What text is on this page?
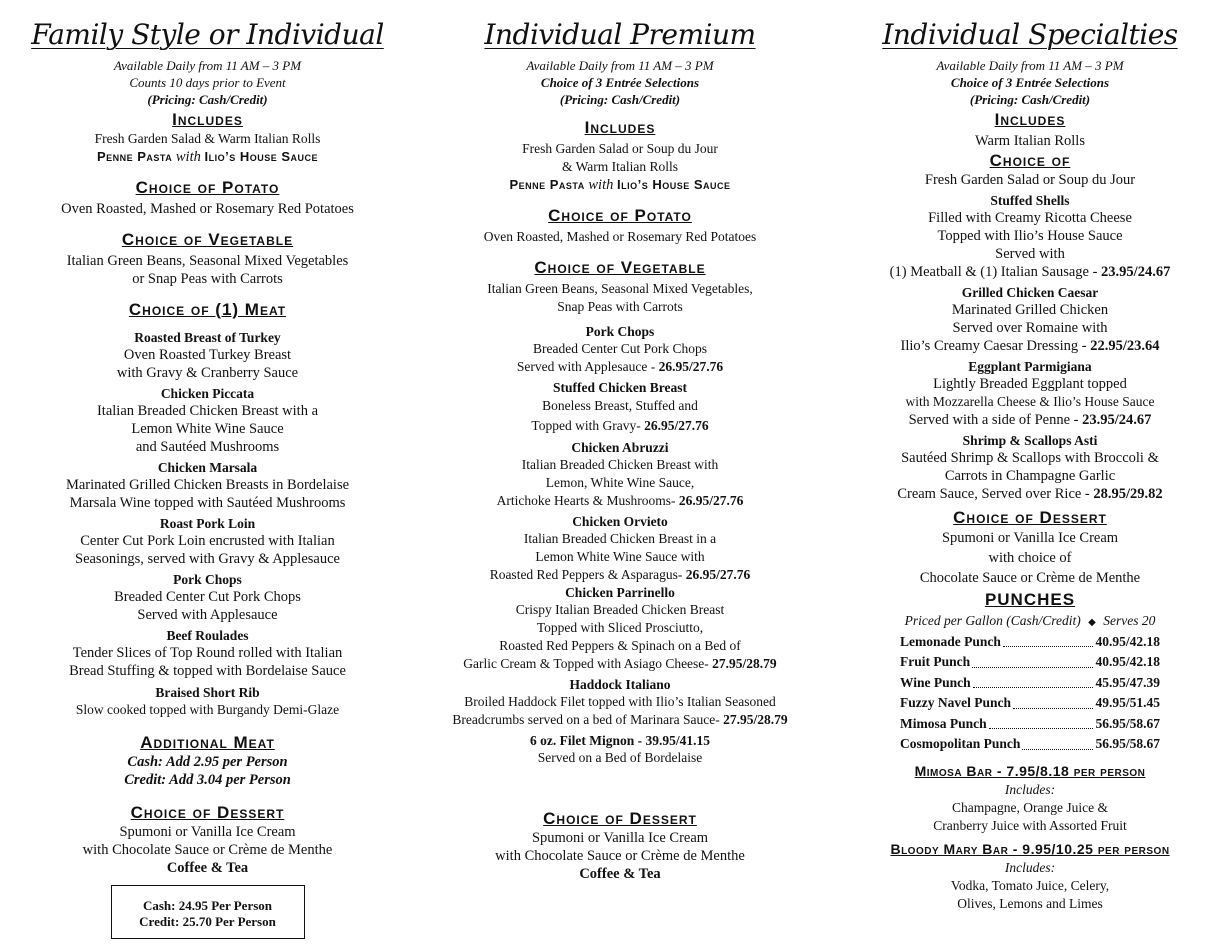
Family Style or Individual
Available Daily from 11 AM – 3 PM
Counts 10 days prior to Event
(Pricing: Cash/Credit)
Includes
Fresh Garden Salad & Warm Italian Rolls
Penne Pasta with Ilio’s House Sauce
Choice of Potato
Oven Roasted, Mashed or Rosemary Red Potatoes
Choice of Vegetable
Italian Green Beans, Seasonal Mixed Vegetables
or Snap Peas with Carrots
Choice of (1) Meat
Roasted Breast of Turkey
Oven Roasted Turkey Breast
with Gravy & Cranberry Sauce
Chicken Piccata
Italian Breaded Chicken Breast with a
Lemon White Wine Sauce
and Sautéed Mushrooms
Chicken Marsala
Marinated Grilled Chicken Breasts in Bordelaise
Marsala Wine topped with Sautéed Mushrooms
Roast Pork Loin
Center Cut Pork Loin encrusted with Italian
Seasonings, served with Gravy & Applesauce
Pork Chops
Breaded Center Cut Pork Chops
Served with Applesauce
Beef Roulades
Tender Slices of Top Round rolled with Italian
Bread Stuffing & topped with Bordelaise Sauce
Braised Short Rib
Slow cooked topped with Burgandy Demi-Glaze
Additional Meat
Cash: Add 2.95 per Person
Credit: Add 3.04 per Person
Choice of Dessert
Spumoni or Vanilla Ice Cream
with Chocolate Sauce or Crème de Menthe
Coffee & Tea
Cash: 24.95 Per Person
Credit: 25.70 Per Person
Individual Premium
Available Daily from 11 AM – 3 PM
Choice of 3 Entrée Selections
(Pricing: Cash/Credit)
Includes
Fresh Garden Salad or Soup du Jour
& Warm Italian Rolls
Penne Pasta with Ilio’s House Sauce
Choice of Potato
Oven Roasted, Mashed or Rosemary Red Potatoes
Choice of Vegetable
Italian Green Beans, Seasonal Mixed Vegetables,
Snap Peas with Carrots
Pork Chops
Breaded Center Cut Pork Chops
Served with Applesauce - 26.95/27.76
Stuffed Chicken Breast
Boneless Breast, Stuffed and
Topped with Gravy- 26.95/27.76
Chicken Abruzzi
Italian Breaded Chicken Breast with
Lemon, White Wine Sauce,
Artichoke Hearts & Mushrooms- 26.95/27.76
Chicken Orvieto
Italian Breaded Chicken Breast in a
Lemon White Wine Sauce with
Roasted Red Peppers & Asparagus- 26.95/27.76
Chicken Parrinello
Crispy Italian Breaded Chicken Breast
Topped with Sliced Prosciutto,
Roasted Red Peppers & Spinach on a Bed of
Garlic Cream & Topped with Asiago Cheese- 27.95/28.79
Haddock Italiano
Broiled Haddock Filet topped with Ilio’s Italian Seasoned
Breadcrumbs served on a bed of Marinara Sauce- 27.95/28.79
6 oz. Filet Mignon - 39.95/41.15
Served on a Bed of Bordelaise
Choice of Dessert
Spumoni or Vanilla Ice Cream
with Chocolate Sauce or Crème de Menthe
Coffee & Tea
Individual Specialties
Available Daily from 11 AM – 3 PM
Choice of 3 Entrée Selections
(Pricing: Cash/Credit)
Includes
Warm Italian Rolls
Choice of
Fresh Garden Salad or Soup du Jour
Stuffed Shells
Filled with Creamy Ricotta Cheese
Topped with Ilio’s House Sauce
Served with
(1) Meatball & (1) Italian Sausage - 23.95/24.67
Grilled Chicken Caesar
Marinated Grilled Chicken
Served over Romaine with
Ilio’s Creamy Caesar Dressing - 22.95/23.64
Eggplant Parmigiana
Lightly Breaded Eggplant topped
with Mozzarella Cheese & Ilio’s House Sauce
Served with a side of Penne - 23.95/24.67
Shrimp & Scallops Asti
Sautéed Shrimp & Scallops with Broccoli &
Carrots in Champagne Garlic
Cream Sauce, Served over Rice - 28.95/29.82
Choice of Dessert
Spumoni or Vanilla Ice Cream
with choice of
Chocolate Sauce or Crème de Menthe
PUNCHES
Priced per Gallon (Cash/Credit) ◆ Serves 20
Lemonade Punch	40.95/42.18
Fruit Punch	40.95/42.18
Wine Punch	45.95/47.39
Fuzzy Navel Punch	49.95/51.45
Mimosa Punch	56.95/58.67
Cosmopolitan Punch	56.95/58.67
Mimosa Bar - 7.95/8.18 per person
Includes:
Champagne, Orange Juice &
Cranberry Juice with Assorted Fruit
Bloody Mary Bar - 9.95/10.25 per person
Includes:
Vodka, Tomato Juice, Celery,
Olives, Lemons and Limes
